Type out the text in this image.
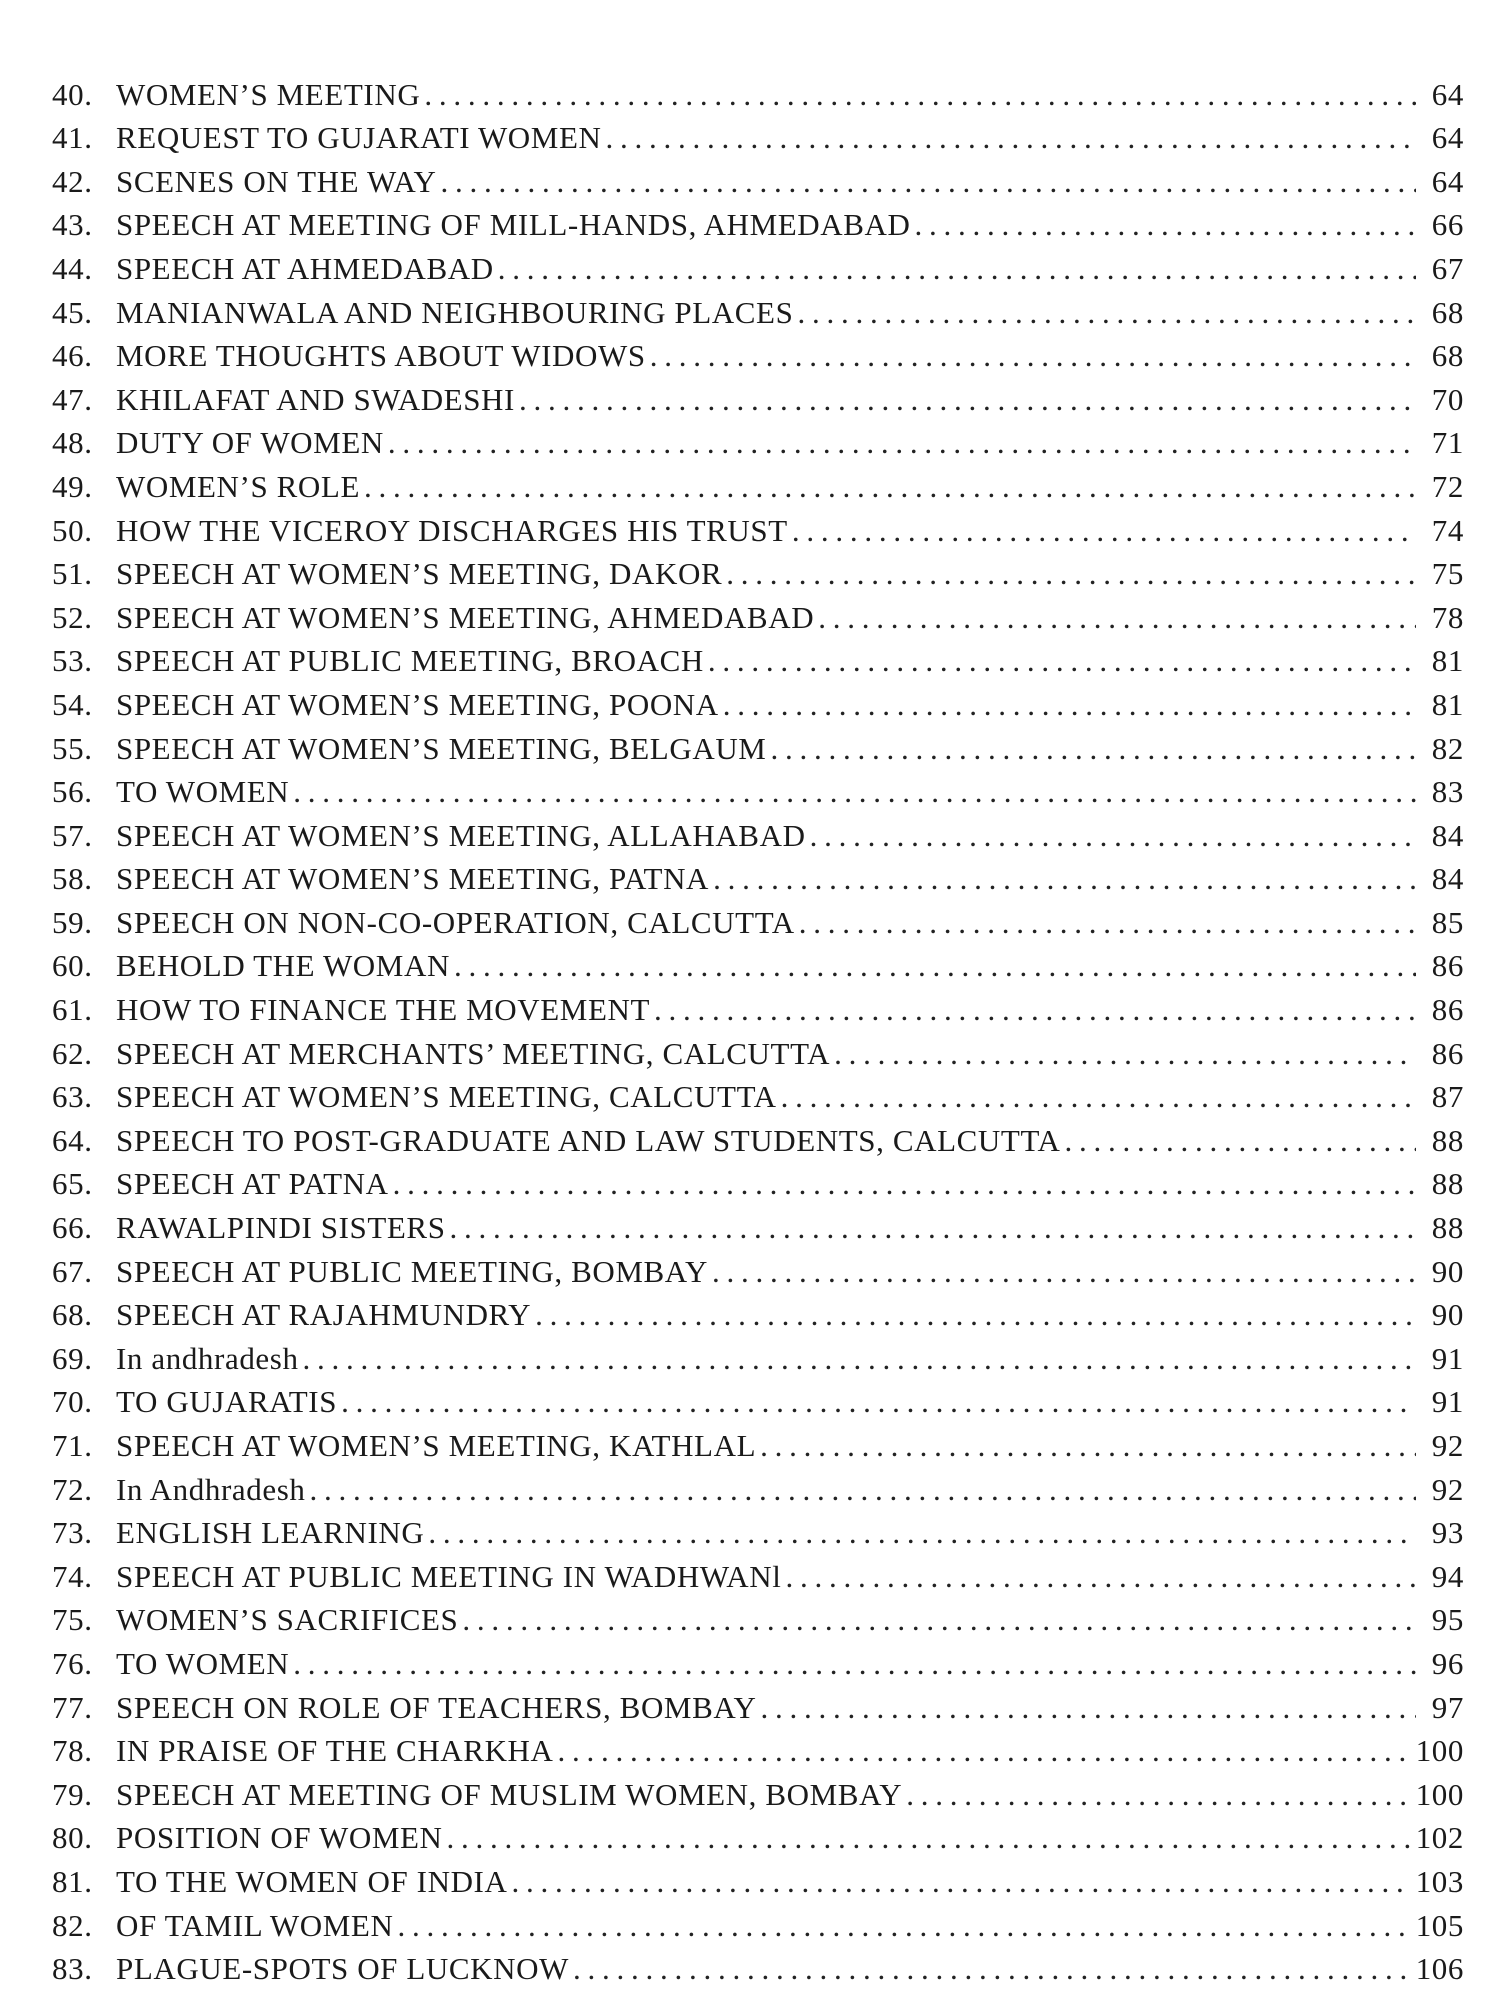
40. WOMEN’S MEETING . . .	64
41. REQUEST TO GUJARATI WOMEN . . .	64
42. SCENES ON THE WAY . . .	64
43. SPEECH AT MEETING OF MILL-HANDS, AHMEDABAD . . .	66
44. SPEECH AT AHMEDABAD . . .	67
45. MANIANWALA AND NEIGHBOURING PLACES . . .	68
46. MORE THOUGHTS ABOUT WIDOWS . . .	68
47. KHILAFAT AND SWADESHI . . .	70
48. DUTY OF WOMEN . . .	71
49. WOMEN’S ROLE . . .	72
50. HOW THE VICEROY DISCHARGES HIS TRUST . . .	74
51. SPEECH AT WOMEN’S MEETING, DAKOR . . .	75
52. SPEECH AT WOMEN’S MEETING, AHMEDABAD . . .	78
53. SPEECH AT PUBLIC MEETING, BROACH . . .	81
54. SPEECH AT WOMEN’S MEETING, POONA . . .	81
55. SPEECH AT WOMEN’S MEETING, BELGAUM . . .	82
56. TO WOMEN . . .	83
57. SPEECH AT WOMEN’S MEETING, ALLAHABAD . . .	84
58. SPEECH AT WOMEN’S MEETING, PATNA . . .	84
59. SPEECH ON NON-CO-OPERATION, CALCUTTA . . .	85
60. BEHOLD THE WOMAN . . .	86
61. HOW TO FINANCE THE MOVEMENT . . .	86
62. SPEECH AT MERCHANTS’ MEETING, CALCUTTA . . .	86
63. SPEECH AT WOMEN’S MEETING, CALCUTTA . . .	87
64. SPEECH TO POST-GRADUATE AND LAW STUDENTS, CALCUTTA . . .	88
65. SPEECH AT PATNA . . .	88
66. RAWALPINDI SISTERS . . .	88
67. SPEECH AT PUBLIC MEETING, BOMBAY . . .	90
68. SPEECH AT RAJAHMUNDRY . . .	90
69. In andhradesh . . .	91
70. TO GUJARATIS . . .	91
71. SPEECH AT WOMEN’S MEETING, KATHLAL . . .	92
72. In Andhradesh . . .	92
73. ENGLISH LEARNING . . .	93
74. SPEECH AT PUBLIC MEETING IN WADHWANl . . .	94
75. WOMEN’S SACRIFICES . . .	95
76. TO WOMEN . . .	96
77. SPEECH ON ROLE OF TEACHERS, BOMBAY . . .	97
78. IN PRAISE OF THE CHARKHA . . .	100
79. SPEECH AT MEETING OF MUSLIM WOMEN, BOMBAY . . .	100
80. POSITION OF WOMEN . . .	102
81. TO THE WOMEN OF INDIA . . .	103
82. OF TAMIL WOMEN . . .	105
83. PLAGUE-SPOTS OF LUCKNOW . . .	106
